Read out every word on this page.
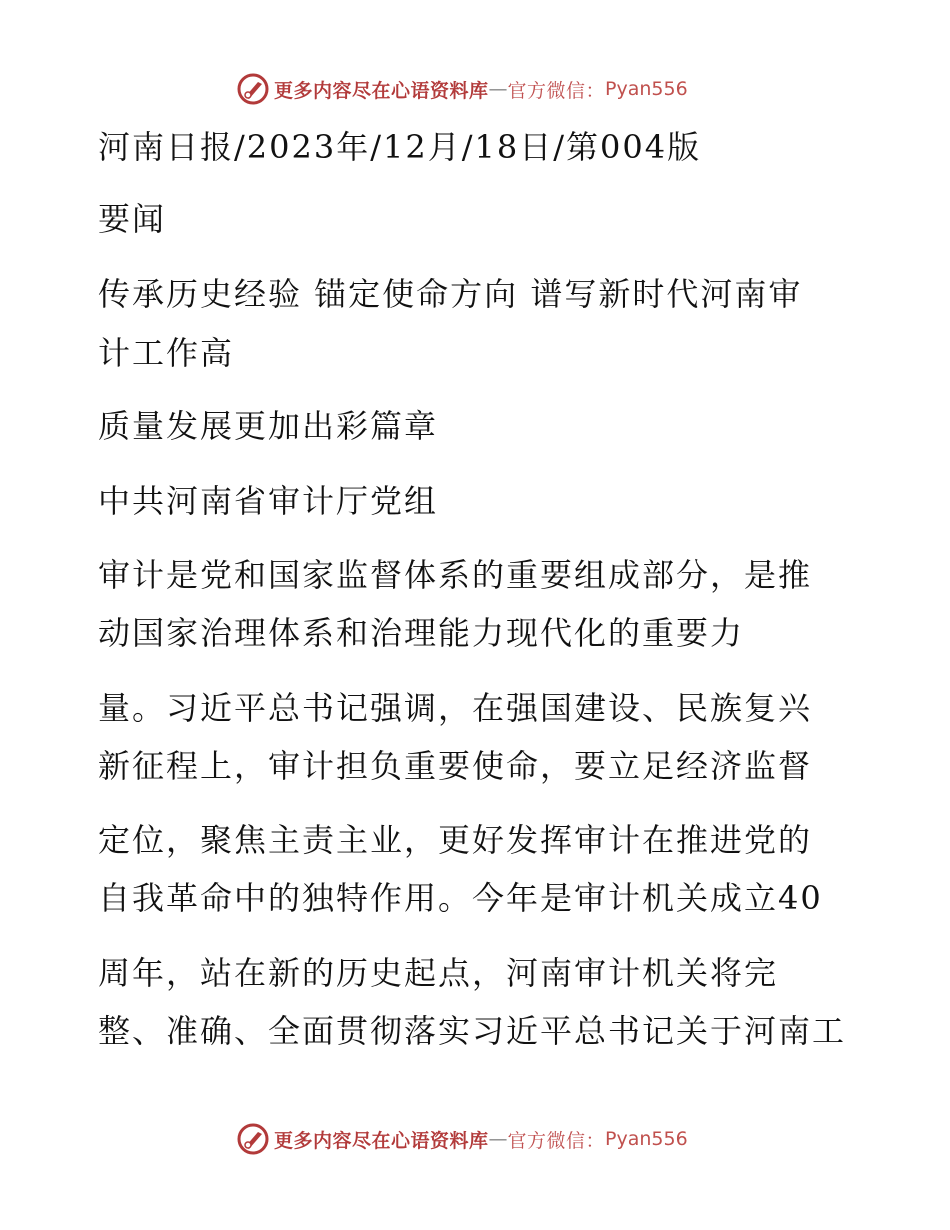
更多内容尽在心语资料库 — 官方微信： Pyan556
河南日报/2023年/12月/18日/第004版
要闻
传承历史经验 锚定使命方向 谱写新时代河南审
计工作高
质量发展更加出彩篇章
中共河南省审计厅党组
审计是党和国家监督体系的重要组成部分，是推
动国家治理体系和治理能力现代化的重要力
量。习近平总书记强调，在强国建设、民族复兴
新征程上，审计担负重要使命，要立足经济监督
定位，聚焦主责主业，更好发挥审计在推进党的
自我革命中的独特作用。今年是审计机关成立40
周年，站在新的历史起点，河南审计机关将完
整、准确、全面贯彻落实习近平总书记关于河南工
更多内容尽在心语资料库 — 官方微信： Pyan556
